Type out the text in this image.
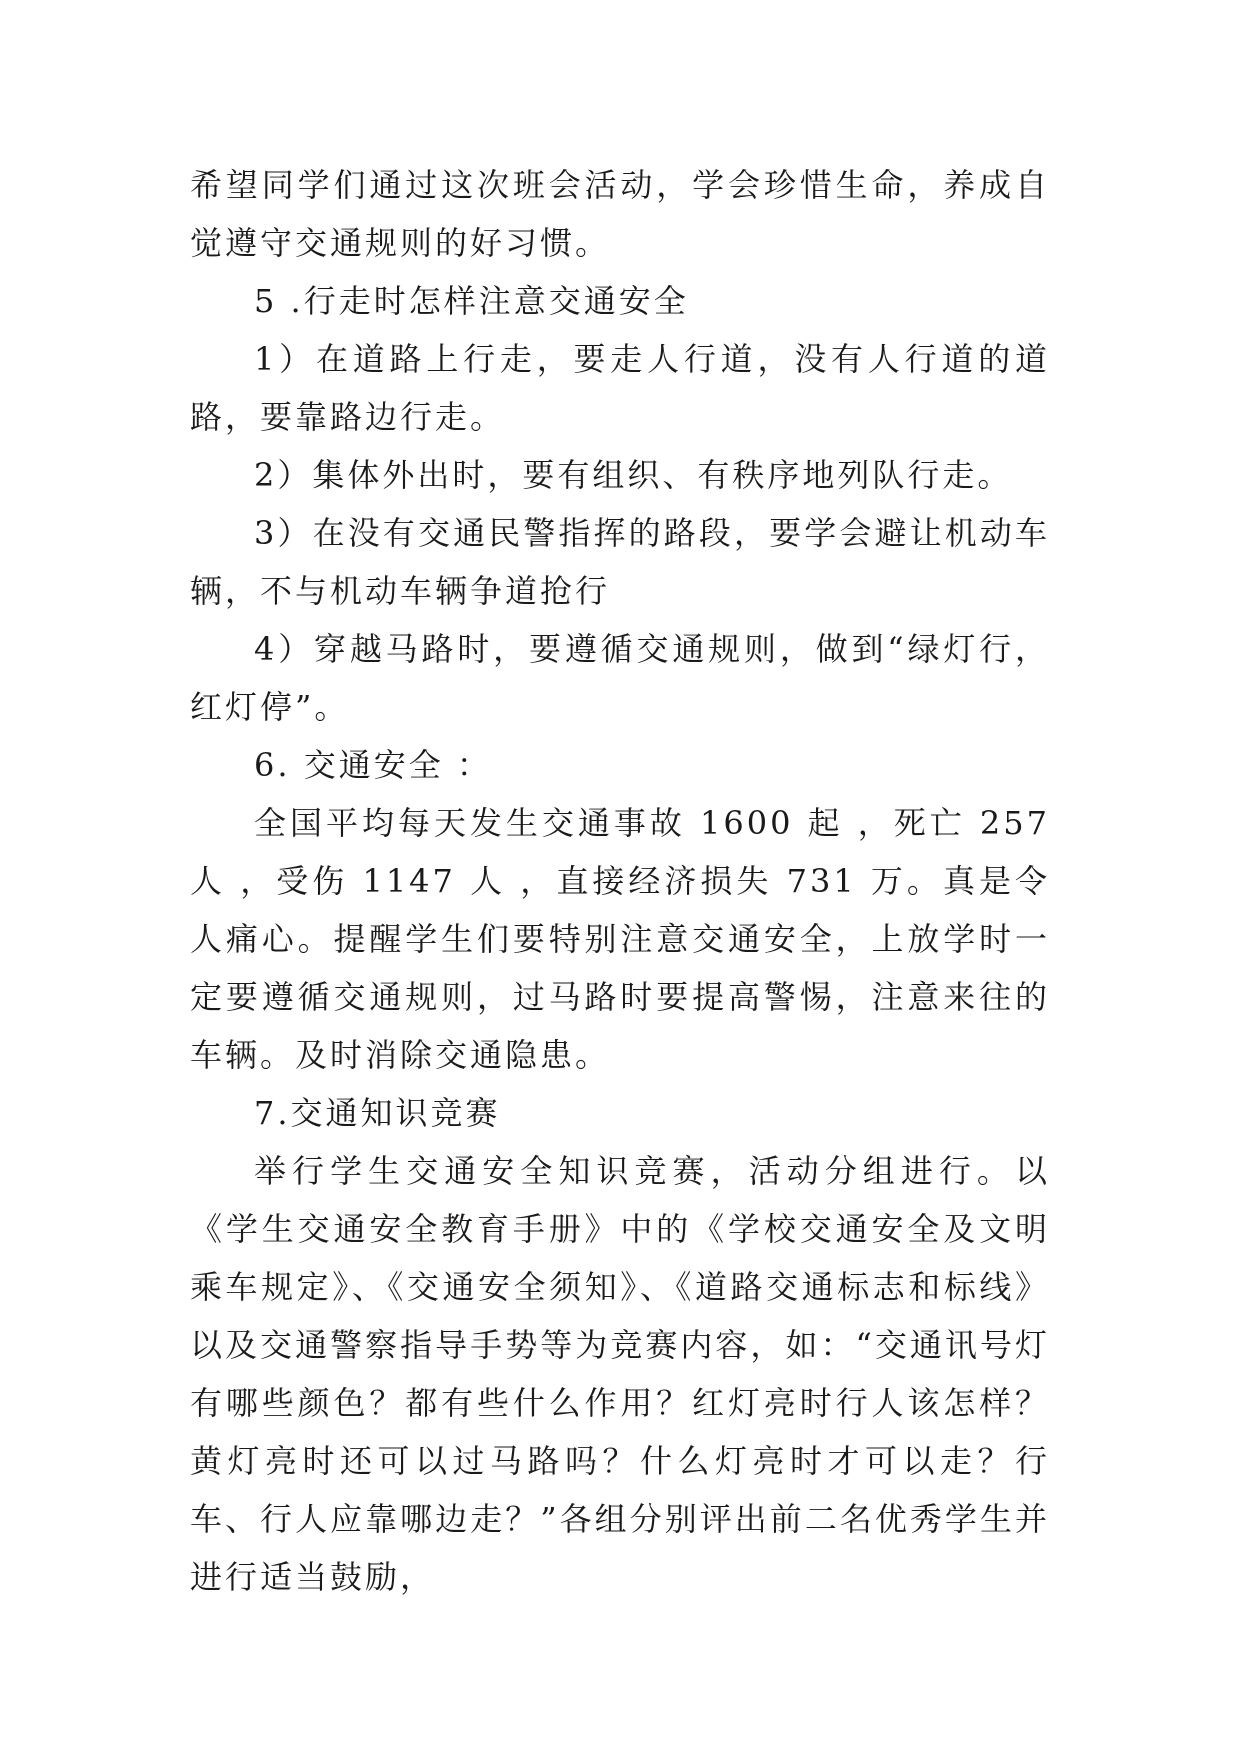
希望同学们通过这次班会活动，学会珍惜生命，养成自觉遵守交通规则的好习惯。

5 .行走时怎样注意交通安全

1）在道路上行走，要走人行道，没有人行道的道路，要靠路边行走。

2）集体外出时，要有组织、有秩序地列队行走。

3）在没有交通民警指挥的路段，要学会避让机动车辆，不与机动车辆争道抢行

4）穿越马路时，要遵循交通规则，做到“绿灯行，红灯停”。

6. 交通安全 ：

全国平均每天发生交通事故 1600 起 ，死亡 257 人 ，受伤 1147 人 ，直接经济损失 731 万。真是令人痛心。提醒学生们要特别注意交通安全，上放学时一定要遵循交通规则，过马路时要提高警惕，注意来往的车辆。及时消除交通隐患。

7.交通知识竞赛

举行学生交通安全知识竞赛，活动分组进行。以《学生交通安全教育手册》中的《学校交通安全及文明乘车规定》、《交通安全须知》、《道路交通标志和标线》以及交通警察指导手势等为竞赛内容，如：“交通讯号灯有哪些颜色？都有些什么作用？红灯亮时行人该怎样？黄灯亮时还可以过马路吗？什么灯亮时才可以走？行车、行人应靠哪边走？”各组分别评出前二名优秀学生并进行适当鼓励，
